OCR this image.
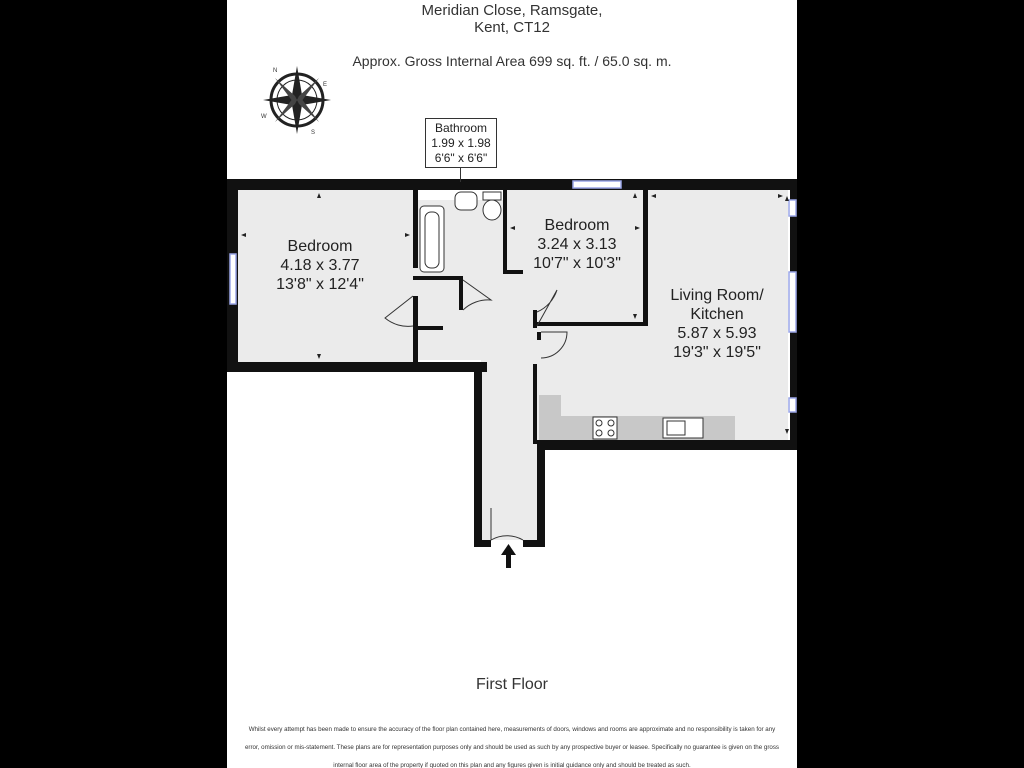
Meridian Close, Ramsgate,
Kent, CT12
Approx. Gross Internal Area 699 sq. ft. / 65.0 sq. m.
N
E
S
W
Bedroom
4.18 x 3.77
13'8" x 12'4"
Bathroom
1.99 x 1.98
6'6" x 6'6"
Bedroom
3.24 x 3.13
10'7" x 10'3"
Living Room/
Kitchen
5.87 x 5.93
19'3" x 19'5"
First Floor
Whilst every attempt has been made to ensure the accuracy of the floor plan contained here, measurements of doors, windows and rooms are approximate and no responsibility is taken for any
error, omission or mis-statement. These plans are for representation purposes only and should be used as such by any prospective buyer or leasee. Specifically no guarantee is given on the gross
internal floor area of the property if quoted on this plan and any figures given is initial guidance only and should be treated as such.
